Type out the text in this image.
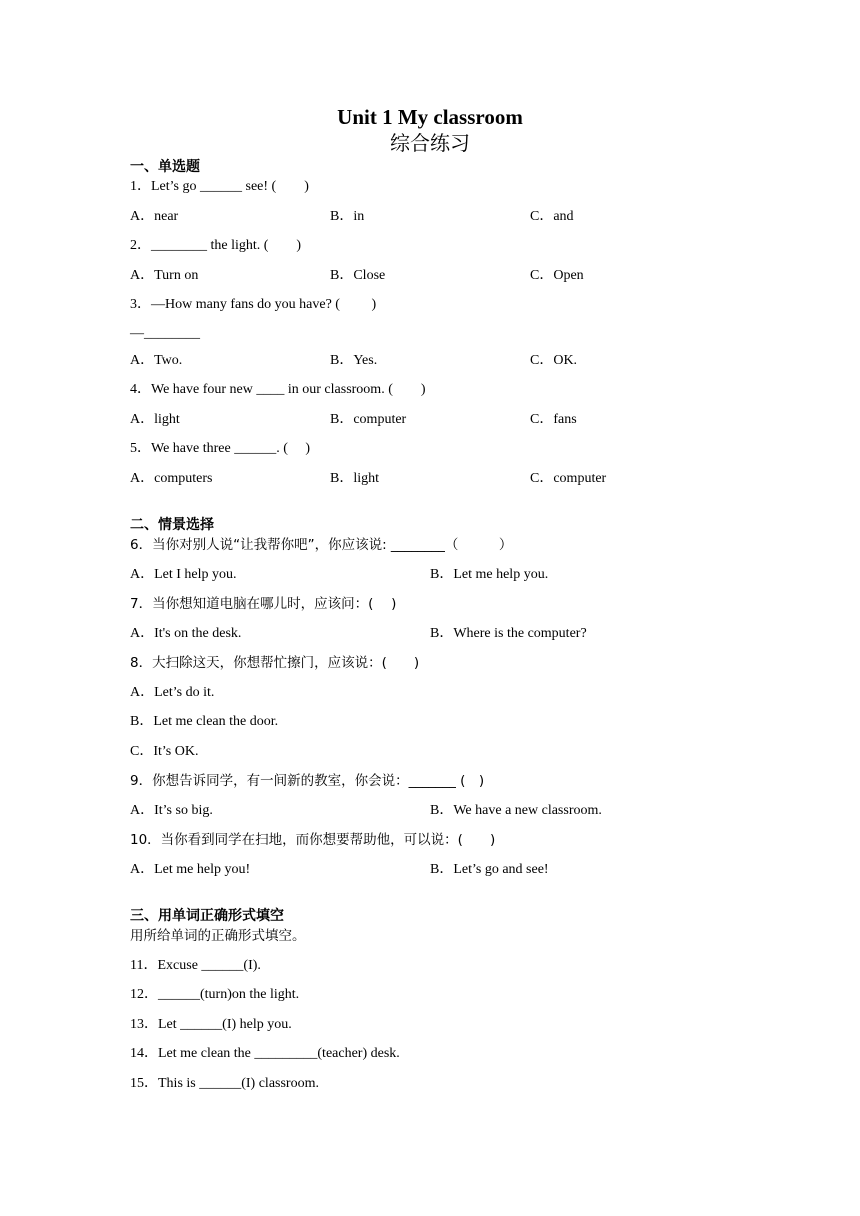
Unit 1 My classroom
综合练习
一、单选题
1．Let’s go ______ see! (　　)
A．near	B．in	C．and
2．________ the light. (　　)
A．Turn on	B．Close	C．Open
3．—How many fans do you have? (　　 )
—________
A．Two.	B．Yes.	C．OK.
4．We have four new ____ in our classroom. (　　)
A．light	B．computer	C．fans
5．We have three ______. (　 )
A．computers	B．light	C．computer
二、情景选择
6．当你对别人说“让我帮你吧”，你应该说: ________（　　　）
A．Let I help you.	B．Let me help you.
7．当你想知道电脑在哪儿时，应该问：(　 )
A．It's on the desk.	B．Where is the computer?
8．大扫除这天，你想帮忙擦门，应该说：(　　)
A．Let’s do it.
B．Let me clean the door.
C．It’s OK.
9．你想告诉同学，有一间新的教室，你会说：_______ (　)
A．It’s so big.	B．We have a new classroom.
10．当你看到同学在扫地，而你想要帮助他，可以说：(　　)
A．Let me help you!	B．Let’s go and see!
三、用单词正确形式填空
用所给单词的正确形式填空。
11．Excuse ______(I).
12．______(turn)on the light.
13．Let ______(I) help you.
14．Let me clean the _________(teacher) desk.
15．This is ______(I) classroom.
